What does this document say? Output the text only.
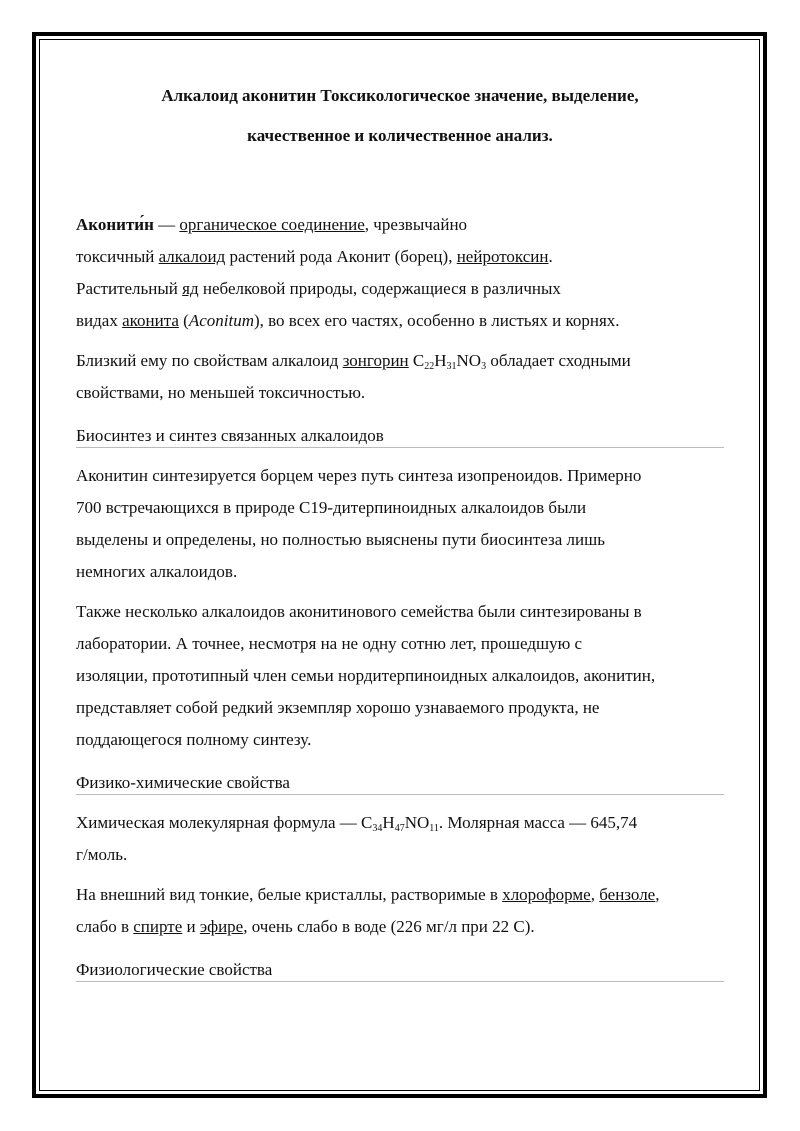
Алкалоид аконитин Токсикологическое значение, выделение,
качественное и количественное анализ.

Аконити́н — органическое соединение, чрезвычайно
токсичный алкалоид растений рода Аконит (борец), нейротоксин.
Растительный яд небелковой природы, содержащиеся в различных
видах аконита (Aconitum), во всех его частях, особенно в листьях и корнях.

Близкий ему по свойствам алкалоид зонгорин $C_{22}H_{31}NO_3$ обладает сходными
свойствами, но меньшей токсичностью.

Биосинтез и синтез связанных алкалоидов

Аконитин синтезируется борцем через путь синтеза изопреноидов. Примерно
700 встречающихся в природе С19-дитерпиноидных алкалоидов были
выделены и определены, но полностью выяснены пути биосинтеза лишь
немногих алкалоидов.

Также несколько алкалоидов аконитинового семейства были синтезированы в
лаборатории. А точнее, несмотря на не одну сотню лет, прошедшую с
изоляции, прототипный член семьи нордитерпиноидных алкалоидов, аконитин,
представляет собой редкий экземпляр хорошо узнаваемого продукта, не
поддающегося полному синтезу.

Физико-химические свойства

Химическая молекулярная формула — $C_{34}H_{47}NO_{11}$. Молярная масса — 645,74
г/моль.

На внешний вид тонкие, белые кристаллы, растворимые в хлороформе, бензоле,
слабо в спирте и эфире, очень слабо в воде (226 мг/л при 22 С).

Физиологические свойства
